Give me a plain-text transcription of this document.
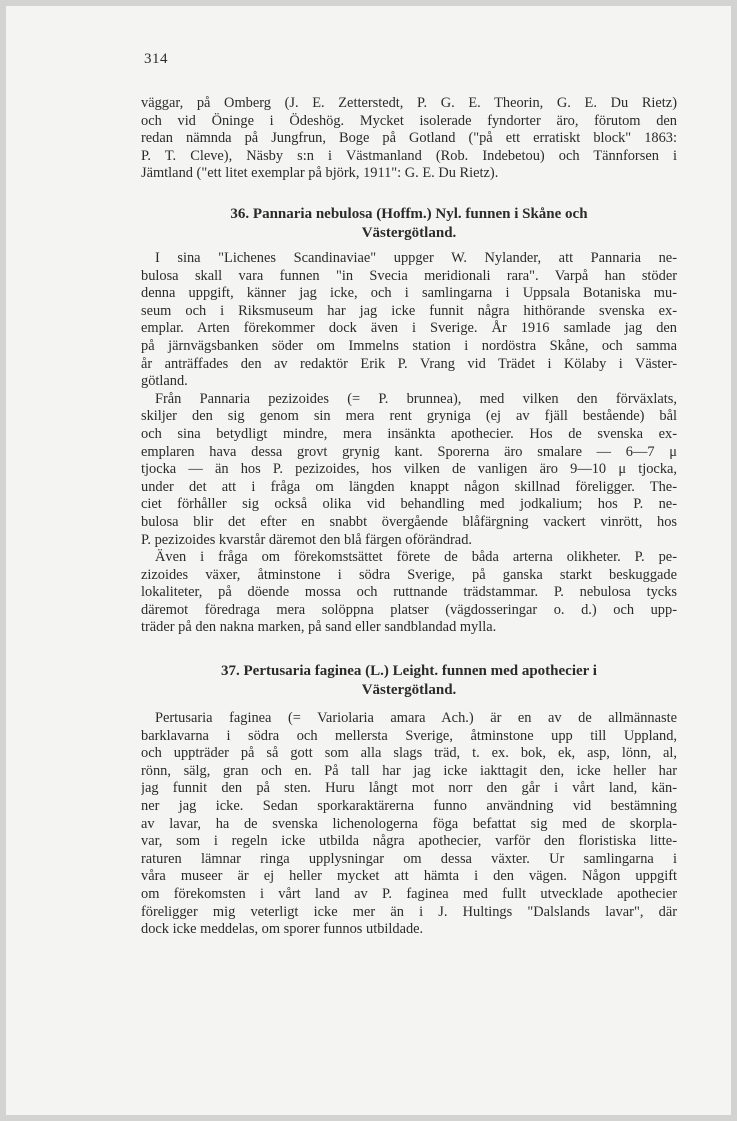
314

väggar, på Omberg (J. E. Zetterstedt, P. G. E. Theorin, G. E. Du Rietz)
och vid Öninge i Ödeshög. Mycket isolerade fyndorter äro, förutom den
redan nämnda på Jungfrun, Boge på Gotland ("på ett erratiskt block" 1863:
P. T. Cleve), Näsby s:n i Västmanland (Rob. Indebetou) och Tännforsen i
Jämtland ("ett litet exemplar på björk, 1911": G. E. Du Rietz).

36. Pannaria nebulosa (Hoffm.) Nyl. funnen i Skåne och
Västergötland.

I sina "Lichenes Scandinaviae" uppger W. Nylander, att Pannaria ne-
bulosa skall vara funnen "in Svecia meridionali rara". Varpå han stöder
denna uppgift, känner jag icke, och i samlingarna i Uppsala Botaniska mu-
seum och i Riksmuseum har jag icke funnit några hithörande svenska ex-
emplar. Arten förekommer dock även i Sverige. År 1916 samlade jag den
på järnvägsbanken söder om Immelns station i nordöstra Skåne, och samma
år anträffades den av redaktör Erik P. Vrang vid Trädet i Kölaby i Väster-
götland.

Från Pannaria pezizoides (= P. brunnea), med vilken den förväxlats,
skiljer den sig genom sin mera rent gryniga (ej av fjäll bestående) bål
och sina betydligt mindre, mera insänkta apothecier. Hos de svenska ex-
emplaren hava dessa grovt grynig kant. Sporerna äro smalare — 6—7 μ
tjocka — än hos P. pezizoides, hos vilken de vanligen äro 9—10 μ tjocka,
under det att i fråga om längden knappt någon skillnad föreligger. The-
ciet förhåller sig också olika vid behandling med jodkalium; hos P. ne-
bulosa blir det efter en snabbt övergående blåfärgning vackert vinrött, hos
P. pezizoides kvarstår däremot den blå färgen oförändrad.

Även i fråga om förekomstsättet förete de båda arterna olikheter. P. pe-
zizoides växer, åtminstone i södra Sverige, på ganska starkt beskuggade
lokaliteter, på döende mossa och ruttnande trädstammar. P. nebulosa tycks
däremot föredraga mera solöppna platser (vägdosseringar o. d.) och upp-
träder på den nakna marken, på sand eller sandblandad mylla.

37. Pertusaria faginea (L.) Leight. funnen med apothecier i
Västergötland.

Pertusaria faginea (= Variolaria amara Ach.) är en av de allmännaste
barklavarna i södra och mellersta Sverige, åtminstone upp till Uppland,
och uppträder på så gott som alla slags träd, t. ex. bok, ek, asp, lönn, al,
rönn, sälg, gran och en. På tall har jag icke iakttagit den, icke heller har
jag funnit den på sten. Huru långt mot norr den går i vårt land, kän-
ner jag icke. Sedan sporkaraktärerna funno användning vid bestämning
av lavar, ha de svenska lichenologerna föga befattat sig med de skorpla-
var, som i regeln icke utbilda några apothecier, varför den floristiska litte-
raturen lämnar ringa upplysningar om dessa växter. Ur samlingarna i
våra museer är ej heller mycket att hämta i den vägen. Någon uppgift
om förekomsten i vårt land av P. faginea med fullt utvecklade apothecier
föreligger mig veterligt icke mer än i J. Hultings "Dalslands lavar", där
dock icke meddelas, om sporer funnos utbildade.
